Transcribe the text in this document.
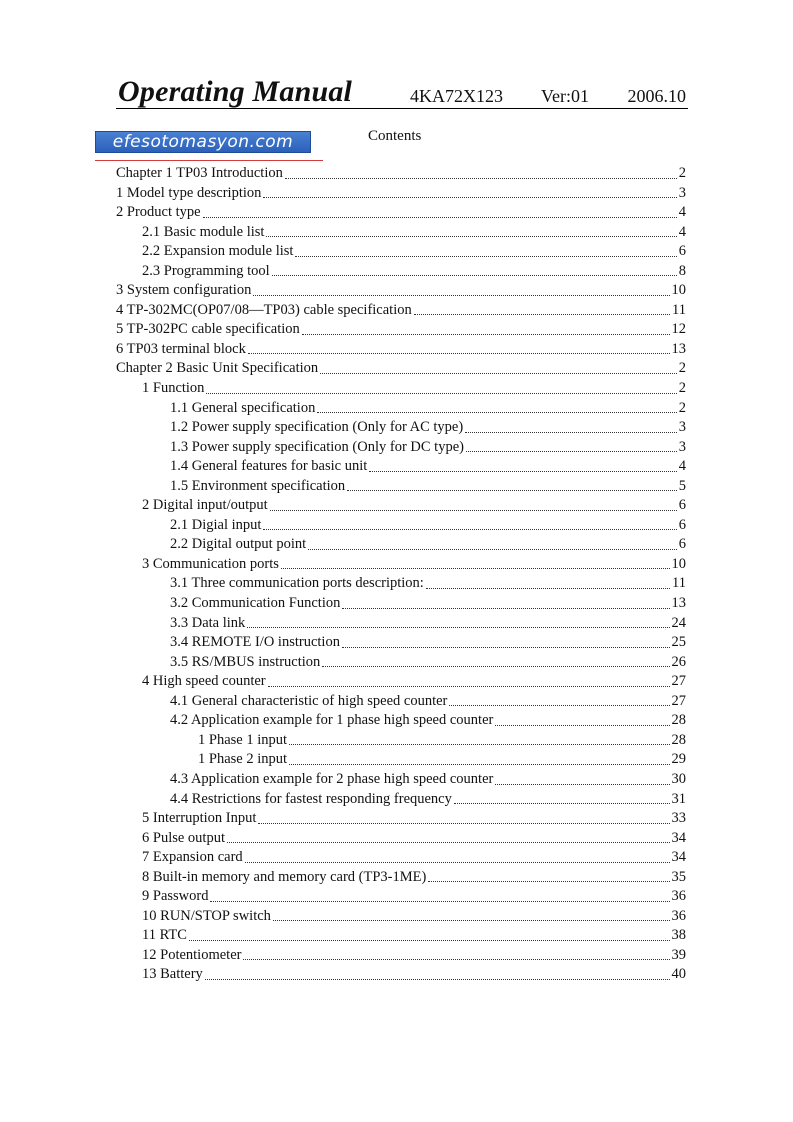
Operating Manual	4KA72X123 Ver:01 2006.10
efesotomasyon.com	Contents
Chapter 1 TP03 Introduction	2
1 Model type description	3
2 Product type	4
2.1 Basic module list	4
2.2 Expansion module list	6
2.3 Programming tool	8
3 System configuration	10
4 TP-302MC(OP07/08—TP03) cable specification	11
5 TP-302PC cable specification	12
6 TP03 terminal block	13
Chapter 2 Basic Unit Specification	2
1 Function	2
1.1 General specification	2
1.2 Power supply specification (Only for AC type)	3
1.3 Power supply specification (Only for DC type)	3
1.4 General features for basic unit	4
1.5 Environment specification	5
2 Digital input/output	6
2.1 Digial input	6
2.2 Digital output point	6
3 Communication ports	10
3.1 Three communication ports description:	11
3.2 Communication Function	13
3.3 Data link	24
3.4 REMOTE I/O instruction	25
3.5 RS/MBUS instruction	26
4 High speed counter	27
4.1 General characteristic of high speed counter	27
4.2 Application example for 1 phase high speed counter	28
1 Phase 1 input	28
1 Phase 2 input	29
4.3 Application example for 2 phase high speed counter	30
4.4 Restrictions for fastest responding frequency	31
5 Interruption Input	33
6 Pulse output	34
7 Expansion card	34
8 Built-in memory and memory card (TP3-1ME)	35
9 Password	36
10 RUN/STOP switch	36
11 RTC	38
12 Potentiometer	39
13 Battery	40
